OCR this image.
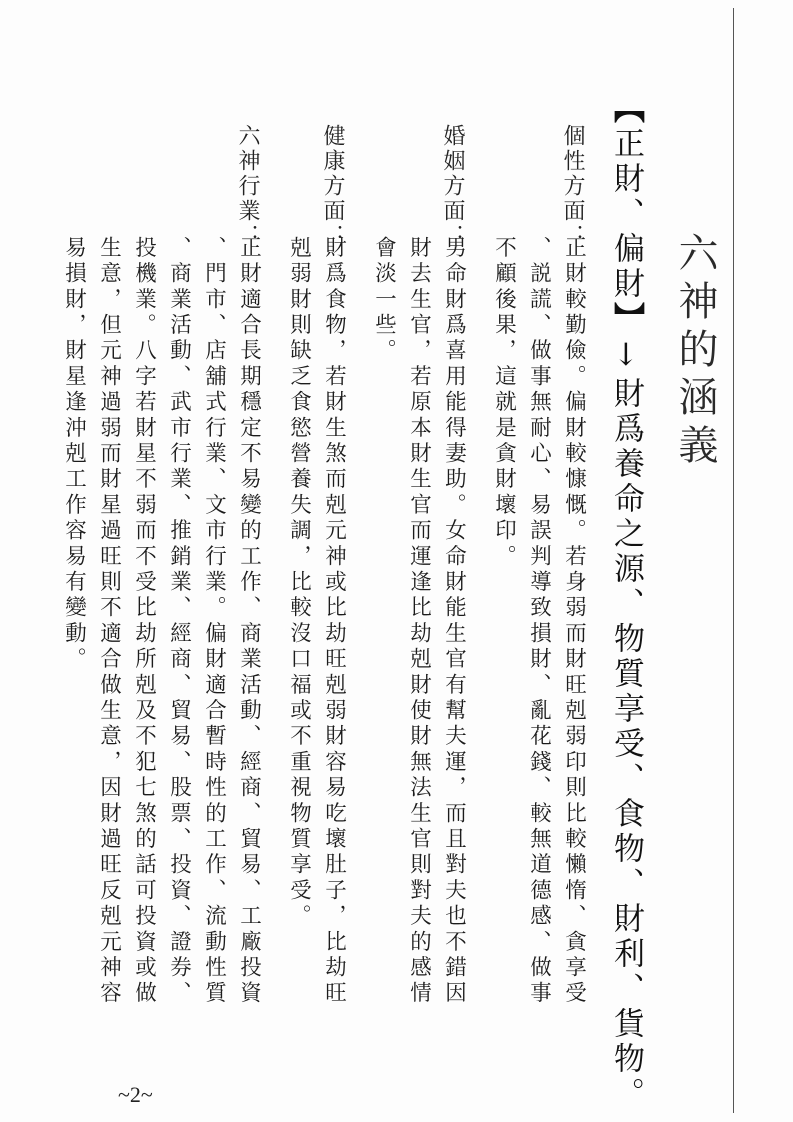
六神的涵義
【正財、偏財】↓財爲養命之源、物質享受、食物、財利、貨物。
個性方面：
正財較勤儉。偏財較慷慨。若身弱而財旺剋弱印則比較懶惰、貪享受
、説謊、做事無耐心、易誤判導致損財、亂花錢、較無道德感、做事
不顧後果，這就是貪財壞印。
婚姻方面：
男命財爲喜用能得妻助。女命財能生官有幫夫運，而且對夫也不錯因
財去生官，若原本財生官而運逢比劫剋財使財無法生官則對夫的感情
會淡一些。
健康方面：
財爲食物，若財生煞而剋元神或比劫旺剋弱財容易吃壞肚子，比劫旺
剋弱財則缺乏食慾營養失調，比較沒口福或不重視物質享受。
六神行業：
正財適合長期穩定不易變的工作、商業活動、經商、貿易、工廠投資
、門市、店舖式行業、文市行業。偏財適合暫時性的工作、流動性質
、商業活動、武市行業、推銷業、經商、貿易、股票、投資、證券、
投機業。八字若財星不弱而不受比劫所剋及不犯七煞的話可投資或做
生意，但元神過弱而財星過旺則不適合做生意，因財過旺反剋元神容
易損財，財星逢沖剋工作容易有變動。
~2~
